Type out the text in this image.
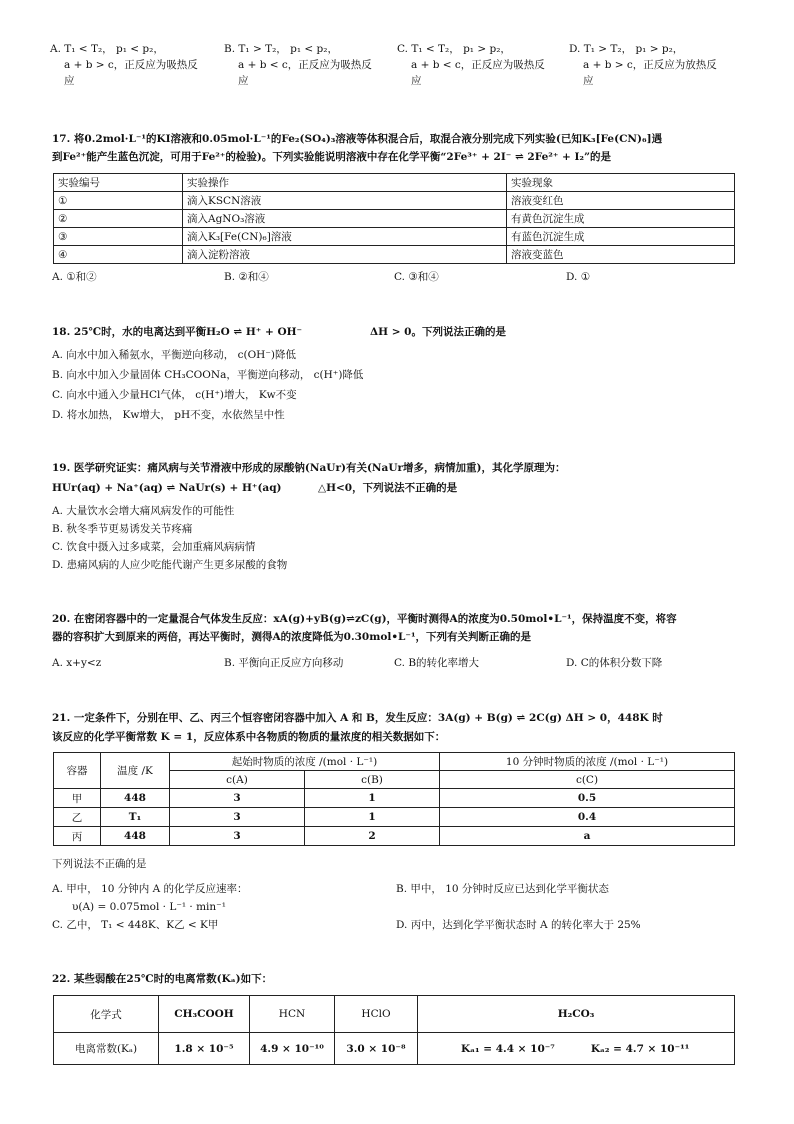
A. T₁ < T₂， p₁ < p₂，
a + b > c，正反应为吸热反
应
B. T₁ > T₂， p₁ < p₂，
a + b < c，正反应为吸热反
应
C. T₁ < T₂， p₁ > p₂，
a + b < c，正反应为吸热反
应
D. T₁ > T₂， p₁ > p₂，
a + b > c，正反应为放热反
应
17. 将0.2mol·L⁻¹的KI溶液和0.05mol·L⁻¹的Fe₂(SO₄)₃溶液等体积混合后，取混合液分别完成下列实验(已知K₃[Fe(CN)₆]遇
到Fe²⁺能产生蓝色沉淀，可用于Fe²⁺的检验)。下列实验能说明溶液中存在化学平衡“2Fe³⁺ + 2I⁻ ⇌ 2Fe²⁺ + I₂”的是
实验编号	实验操作	实验现象
①	滴入KSCN溶液	溶液变红色
②	滴入AgNO₃溶液	有黄色沉淀生成
③	滴入K₃[Fe(CN)₆]溶液	有蓝色沉淀生成
④	滴入淀粉溶液	溶液变蓝色
A. ①和②	B. ②和④	C. ③和④	D. ①
18. 25℃时，水的电离达到平衡H₂O ⇌ H⁺ + OH⁻	ΔH > 0。下列说法正确的是
A. 向水中加入稀氨水，平衡逆向移动， c(OH⁻)降低
B. 向水中加入少量固体 CH₃COONa，平衡逆向移动， c(H⁺)降低
C. 向水中通入少量HCl气体， c(H⁺)增大， Kw不变
D. 将水加热， Kw增大， pH不变，水依然呈中性
19. 医学研究证实：痛风病与关节滑液中形成的尿酸钠(NaUr)有关(NaUr增多，病情加重)，其化学原理为：
HUr(aq) + Na⁺(aq) ⇌ NaUr(s) + H⁺(aq)	△H<0，下列说法不正确的是
A. 大量饮水会增大痛风病发作的可能性
B. 秋冬季节更易诱发关节疼痛
C. 饮食中摄入过多咸菜，会加重痛风病病情
D. 患痛风病的人应少吃能代谢产生更多尿酸的食物
20. 在密闭容器中的一定量混合气体发生反应：xA(g)+yB(g)⇌zC(g)，平衡时测得A的浓度为0.50mol•L⁻¹，保持温度不变，将容
器的容积扩大到原来的两倍，再达平衡时，测得A的浓度降低为0.30mol•L⁻¹，下列有关判断正确的是
A. x+y<z	B. 平衡向正反应方向移动	C. B的转化率增大	D. C的体积分数下降
21. 一定条件下，分别在甲、乙、丙三个恒容密闭容器中加入 A 和 B，发生反应：3A(g) + B(g) ⇌ 2C(g) ΔH > 0，448K 时
该反应的化学平衡常数 K = 1，反应体系中各物质的物质的量浓度的相关数据如下：
容器	温度 /K	起始时物质的浓度 /(mol · L⁻¹)		10 分钟时物质的浓度 /(mol · L⁻¹)
		c(A)	c(B)	c(C)
甲	448	3	1	0.5
乙	T₁	3	1	0.4
丙	448	3	2	a
下列说法不正确的是
A. 甲中， 10 分钟内 A 的化学反应速率：
υ(A) = 0.075mol · L⁻¹ · min⁻¹
B. 甲中， 10 分钟时反应已达到化学平衡状态
C. 乙中， T₁ < 448K、K乙 < K甲	D. 丙中，达到化学平衡状态时 A 的转化率大于 25%
22. 某些弱酸在25℃时的电离常数(Kₐ)如下：
化学式	CH₃COOH	HCN	HClO	H₂CO₃	
电离常数(Kₐ)	1.8 × 10⁻⁵	4.9 × 10⁻¹⁰	3.0 × 10⁻⁸	Kₐ₁ = 4.4 × 10⁻⁷	Kₐ₂ = 4.7 × 10⁻¹¹
